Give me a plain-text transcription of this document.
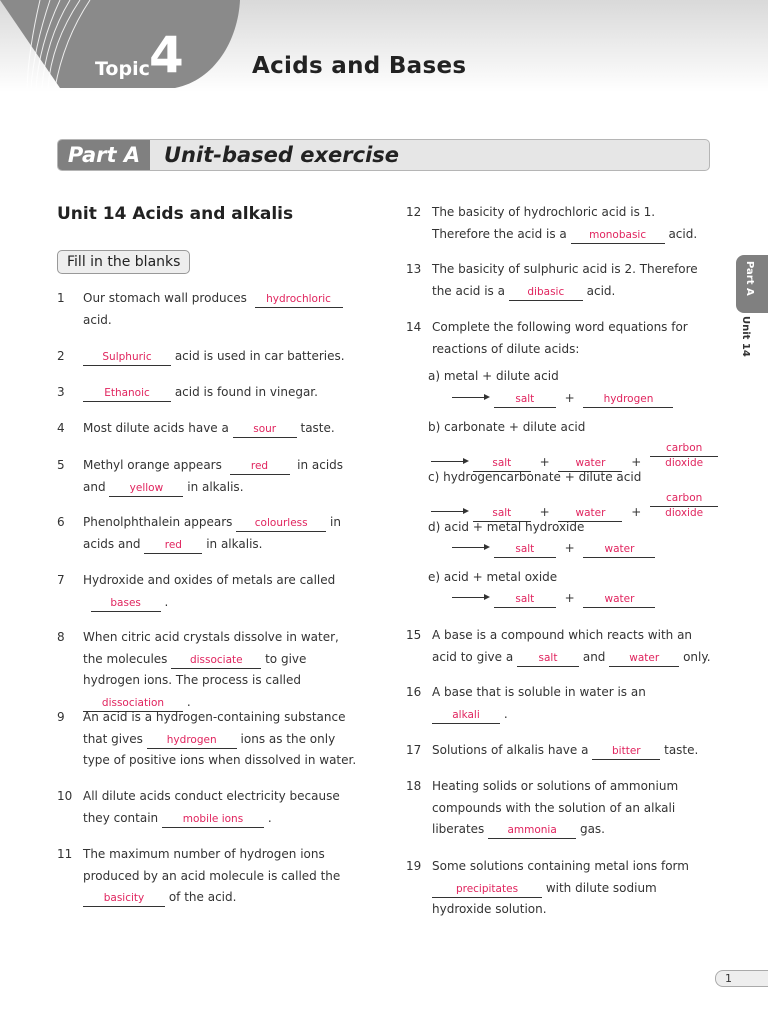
Topic 4	Acids and Bases
Part A	Unit-based exercise
Unit 14 Acids and alkalis
Fill in the blanks
1 Our stomach wall produces hydrochloric
acid.
2	Sulphuric acid is used in car batteries.
3	Ethanoic acid is found in vinegar.
4 Most dilute acids have a sour taste.
5 Methyl orange appears	red in acids and yellow in alkalis.
6 Phenolphthalein appears colourless in acids and red in alkalis.
7 Hydroxide and oxides of metals are called
bases .
8 When citric acid crystals dissolve in water, the molecules dissociate to give hydrogen ions. The process is called dissociation .
9 An acid is a hydrogen-containing substance that gives hydrogen ions as the only type of positive ions when dissolved in water.
10 All dilute acids conduct electricity because they contain mobile ions .
11 The maximum number of hydrogen ions produced by an acid molecule is called the basicity of the acid.
12 The basicity of hydrochloric acid is 1. Therefore the acid is a monobasic acid.
13 The basicity of sulphuric acid is 2. Therefore the acid is a dibasic acid.
14 Complete the following word equations for reactions of dilute acids:
a) metal + dilute acid
salt	+	hydrogen
b) carbonate + dilute acid
salt + water + carbon dioxide
c) hydrogencarbonate + dilute acid
salt + water + carbon dioxide
d) acid + metal hydroxide
salt	+	water
e) acid + metal oxide
salt	+	water
15 A base is a compound which reacts with an acid to give a salt and water only.
16 A base that is soluble in water is an
alkali .
17 Solutions of alkalis have a bitter taste.
18 Heating solids or solutions of ammonium compounds with the solution of an alkali liberates ammonia gas.
19 Some solutions containing metal ions form precipitates with dilute sodium hydroxide solution.
Part A
Unit 14
1
